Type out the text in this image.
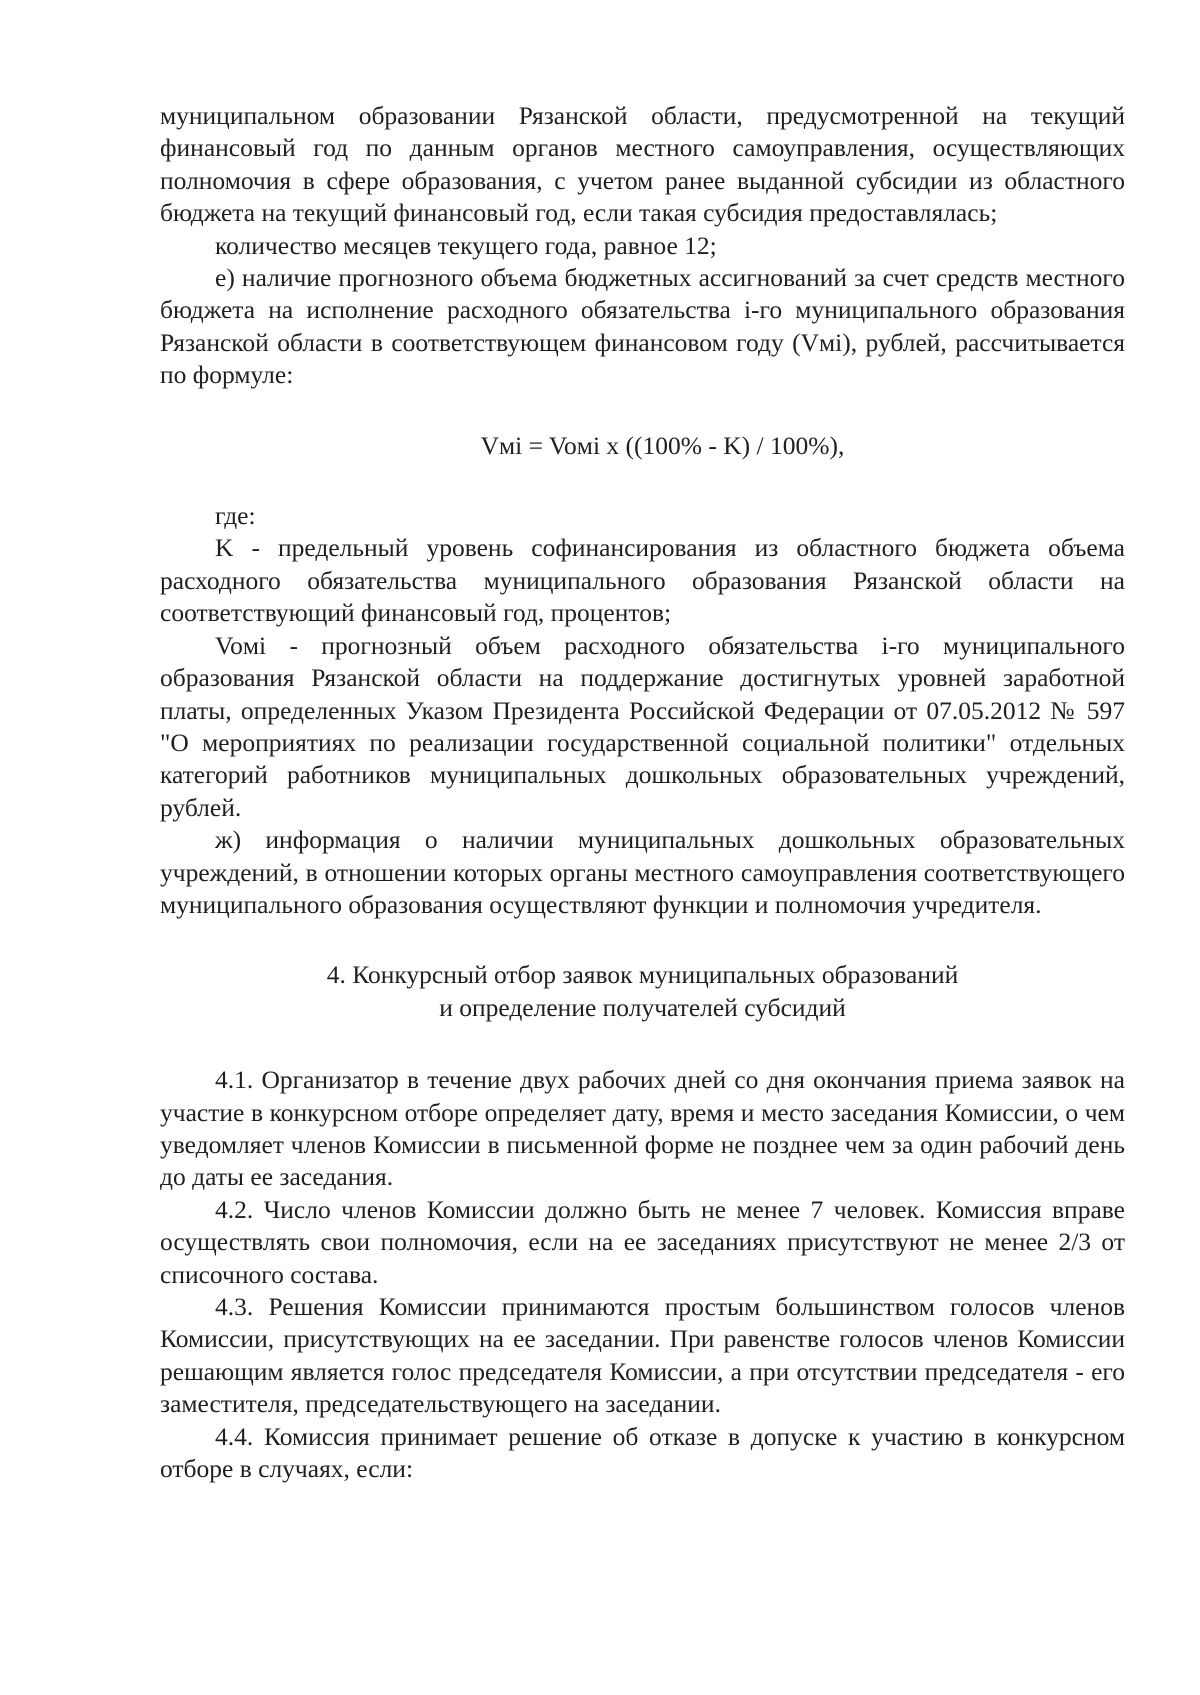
муниципальном образовании Рязанской области, предусмотренной на текущий финансовый год по данным органов местного самоуправления, осуществляющих полномочия в сфере образования, с учетом ранее выданной субсидии из областного бюджета на текущий финансовый год, если такая субсидия предоставлялась;

количество месяцев текущего года, равное 12;

е) наличие прогнозного объема бюджетных ассигнований за счет средств местного бюджета на исполнение расходного обязательства i-го муниципального образования Рязанской области в соответствующем финансовом году (Vмi), рублей, рассчитывается по формуле:

Vмi = Voмi x ((100% - K) / 100%),

где:

K - предельный уровень софинансирования из областного бюджета объема расходного обязательства муниципального образования Рязанской области на соответствующий финансовый год, процентов;

Voмi - прогнозный объем расходного обязательства i-го муниципального образования Рязанской области на поддержание достигнутых уровней заработной платы, определенных Указом Президента Российской Федерации от 07.05.2012 № 597 "О мероприятиях по реализации государственной социальной политики" отдельных категорий работников муниципальных дошкольных образовательных учреждений, рублей.

ж) информация о наличии муниципальных дошкольных образовательных учреждений, в отношении которых органы местного самоуправления соответствующего муниципального образования осуществляют функции и полномочия учредителя.

4. Конкурсный отбор заявок муниципальных образований
и определение получателей субсидий

4.1. Организатор в течение двух рабочих дней со дня окончания приема заявок на участие в конкурсном отборе определяет дату, время и место заседания Комиссии, о чем уведомляет членов Комиссии в письменной форме не позднее чем за один рабочий день до даты ее заседания.

4.2. Число членов Комиссии должно быть не менее 7 человек. Комиссия вправе осуществлять свои полномочия, если на ее заседаниях присутствуют не менее 2/3 от списочного состава.

4.3. Решения Комиссии принимаются простым большинством голосов членов Комиссии, присутствующих на ее заседании. При равенстве голосов членов Комиссии решающим является голос председателя Комиссии, а при отсутствии председателя - его заместителя, председательствующего на заседании.

4.4. Комиссия принимает решение об отказе в допуске к участию в конкурсном отборе в случаях, если:
